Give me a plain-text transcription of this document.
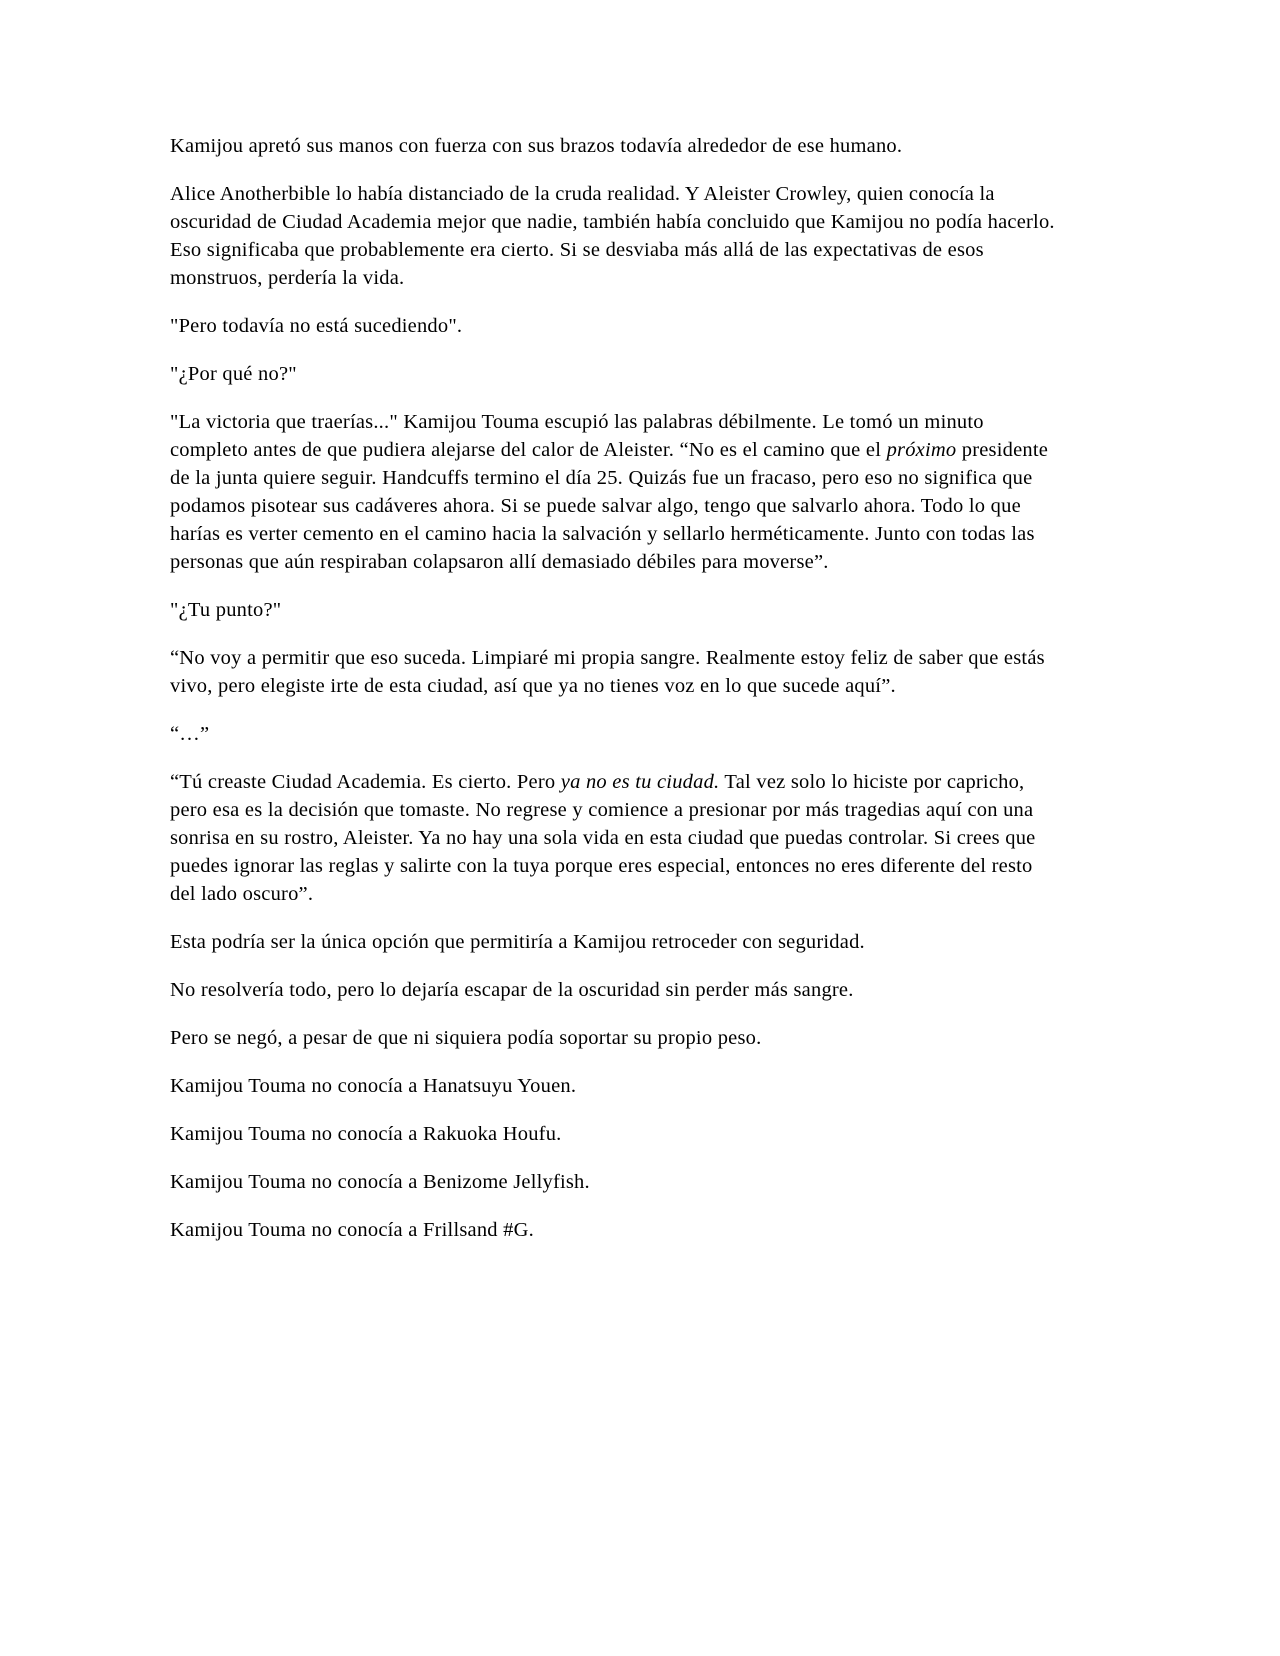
Kamijou apretó sus manos con fuerza con sus brazos todavía alrededor de ese humano.

Alice Anotherbible lo había distanciado de la cruda realidad. Y Aleister Crowley, quien conocía la oscuridad de Ciudad Academia mejor que nadie, también había concluido que Kamijou no podía hacerlo. Eso significaba que probablemente era cierto. Si se desviaba más allá de las expectativas de esos monstruos, perdería la vida.

"Pero todavía no está sucediendo".

"¿Por qué no?"

"La victoria que traerías..." Kamijou Touma escupió las palabras débilmente. Le tomó un minuto completo antes de que pudiera alejarse del calor de Aleister. “No es el camino que el próximo presidente de la junta quiere seguir. Handcuffs termino el día 25. Quizás fue un fracaso, pero eso no significa que podamos pisotear sus cadáveres ahora. Si se puede salvar algo, tengo que salvarlo ahora. Todo lo que harías es verter cemento en el camino hacia la salvación y sellarlo herméticamente. Junto con todas las personas que aún respiraban colapsaron allí demasiado débiles para moverse”.

"¿Tu punto?"

“No voy a permitir que eso suceda. Limpiaré mi propia sangre. Realmente estoy feliz de saber que estás vivo, pero elegiste irte de esta ciudad, así que ya no tienes voz en lo que sucede aquí”.

“…”

“Tú creaste Ciudad Academia. Es cierto. Pero ya no es tu ciudad. Tal vez solo lo hiciste por capricho, pero esa es la decisión que tomaste. No regrese y comience a presionar por más tragedias aquí con una sonrisa en su rostro, Aleister. Ya no hay una sola vida en esta ciudad que puedas controlar. Si crees que puedes ignorar las reglas y salirte con la tuya porque eres especial, entonces no eres diferente del resto del lado oscuro”.

Esta podría ser la única opción que permitiría a Kamijou retroceder con seguridad.

No resolvería todo, pero lo dejaría escapar de la oscuridad sin perder más sangre.

Pero se negó, a pesar de que ni siquiera podía soportar su propio peso.

Kamijou Touma no conocía a Hanatsuyu Youen.

Kamijou Touma no conocía a Rakuoka Houfu.

Kamijou Touma no conocía a Benizome Jellyfish.

Kamijou Touma no conocía a Frillsand #G.
